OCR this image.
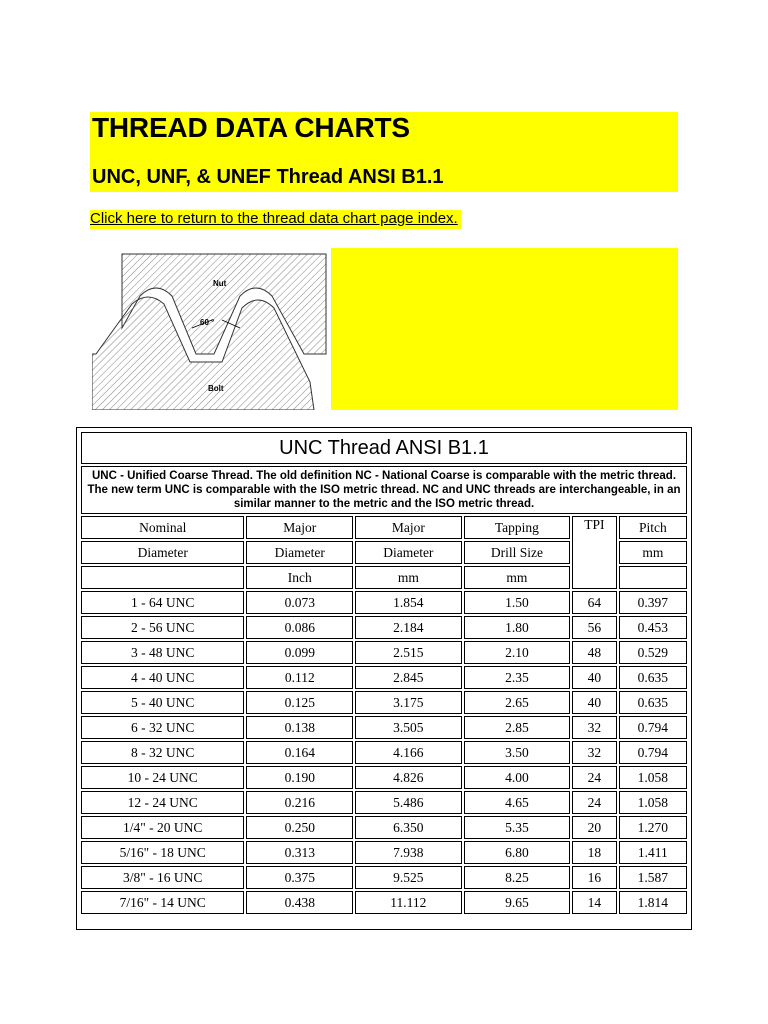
THREAD DATA CHARTS
UNC, UNF, & UNEF Thread ANSI B1.1
Click here to return to the thread data chart page index.
Nut
60 °
Bolt
UNC Thread ANSI B1.1					
UNC - Unified Coarse Thread. The old definition NC - National Coarse is comparable with the metric thread. The new term UNC is comparable with the ISO metric thread. NC and UNC threads are interchangeable, in an similar manner to the metric and the ISO metric thread.					
Nominal	Major	Major	Tapping	TPI	Pitch
Diameter	Diameter	Diameter	Drill Size		mm
	Inch	mm	mm		
1 - 64 UNC	0.073	1.854	1.50	64	0.397
2 - 56 UNC	0.086	2.184	1.80	56	0.453
3 - 48 UNC	0.099	2.515	2.10	48	0.529
4 - 40 UNC	0.112	2.845	2.35	40	0.635
5 - 40 UNC	0.125	3.175	2.65	40	0.635
6 - 32 UNC	0.138	3.505	2.85	32	0.794
8 - 32 UNC	0.164	4.166	3.50	32	0.794
10 - 24 UNC	0.190	4.826	4.00	24	1.058
12 - 24 UNC	0.216	5.486	4.65	24	1.058
1/4" - 20 UNC	0.250	6.350	5.35	20	1.270
5/16" - 18 UNC	0.313	7.938	6.80	18	1.411
3/8" - 16 UNC	0.375	9.525	8.25	16	1.587
7/16" - 14 UNC	0.438	11.112	9.65	14	1.814
